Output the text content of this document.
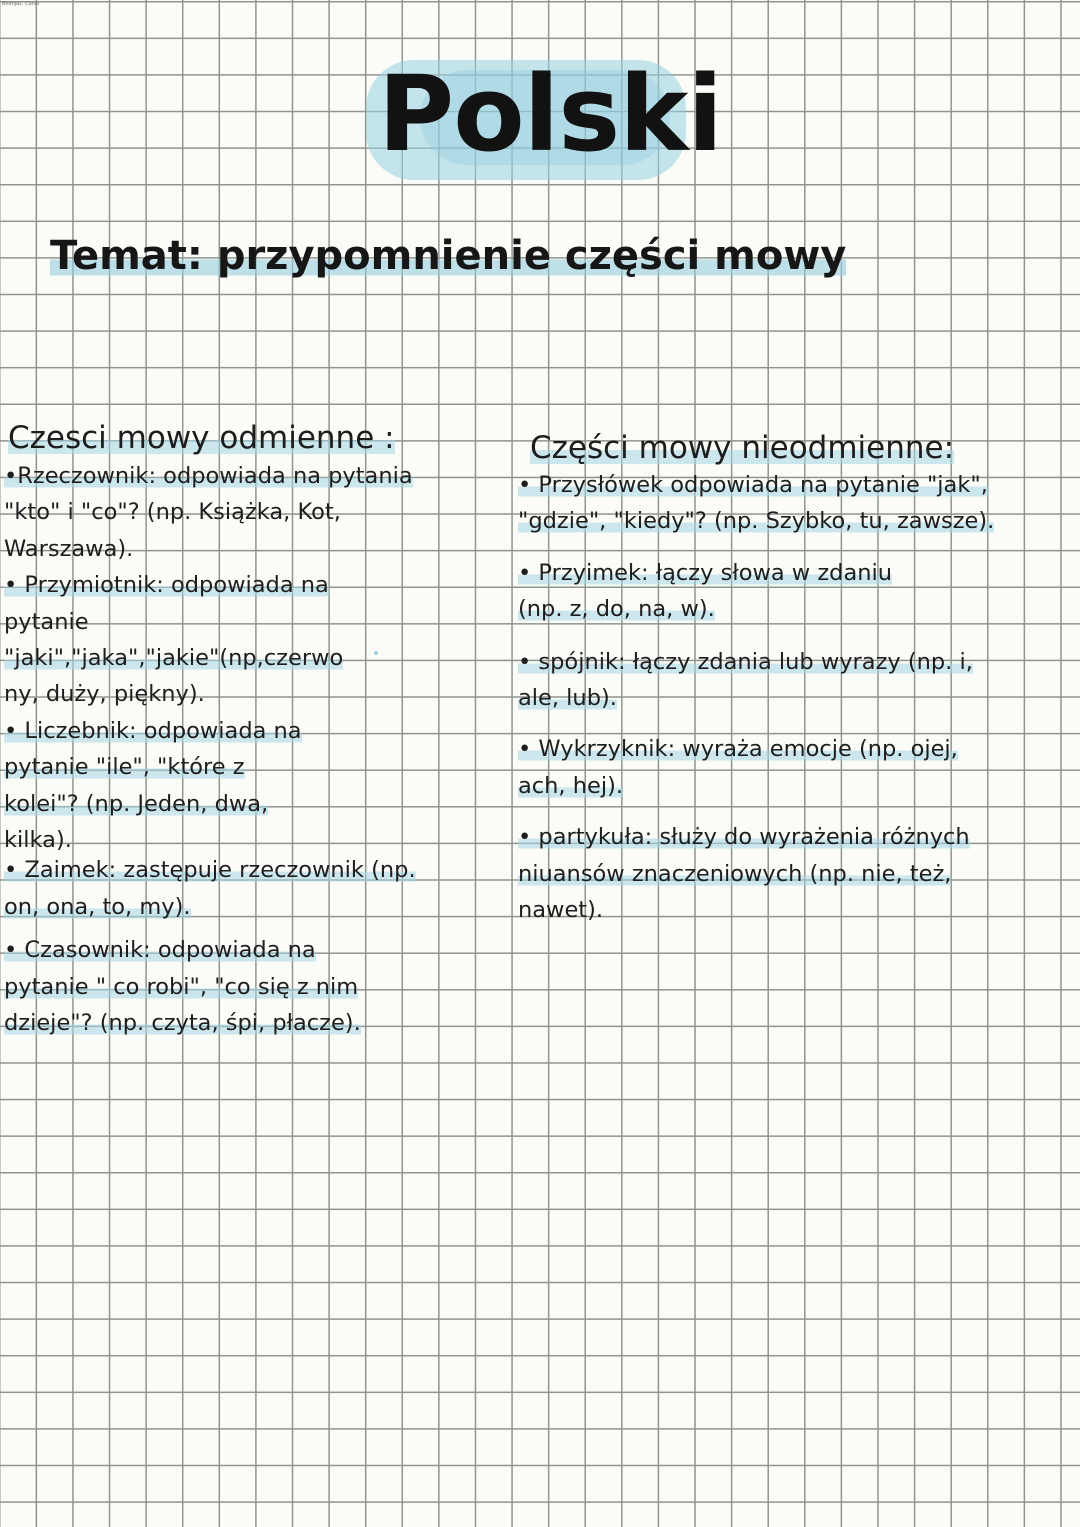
Biomjaz. Conlo
Polski
Temat: przypomnienie części mowy
Czesci mowy odmienne :

•Rzeczownik: odpowiada na pytania

"kto" i "co"? (np. Książka, Kot,

Warszawa).

• Przymiotnik: odpowiada na

pytanie

"jaki","jaka","jakie"(np,czerwo

ny, duży, piękny).

• Liczebnik: odpowiada na

pytanie "ile", "które z

kolei"? (np. Jeden, dwa,

kilka).

• Zaimek: zastępuje rzeczownik (np.

on, ona, to, my).

• Czasownik: odpowiada na

pytanie " co robi", "co się z nim

dzieje"? (np. czyta, śpi, płacze).

Części mowy nieodmienne:

• Przysłówek odpowiada na pytanie "jak",

"gdzie", "kiedy"? (np. Szybko, tu, zawsze).

• Przyimek: łączy słowa w zdaniu

(np. z, do, na, w).

• spójnik: łączy zdania lub wyrazy (np. i,

ale, lub).

• Wykrzyknik: wyraża emocje (np. ojej,

ach, hej).

• partykuła: służy do wyrażenia różnych

niuansów znaczeniowych (np. nie, też,

nawet).
